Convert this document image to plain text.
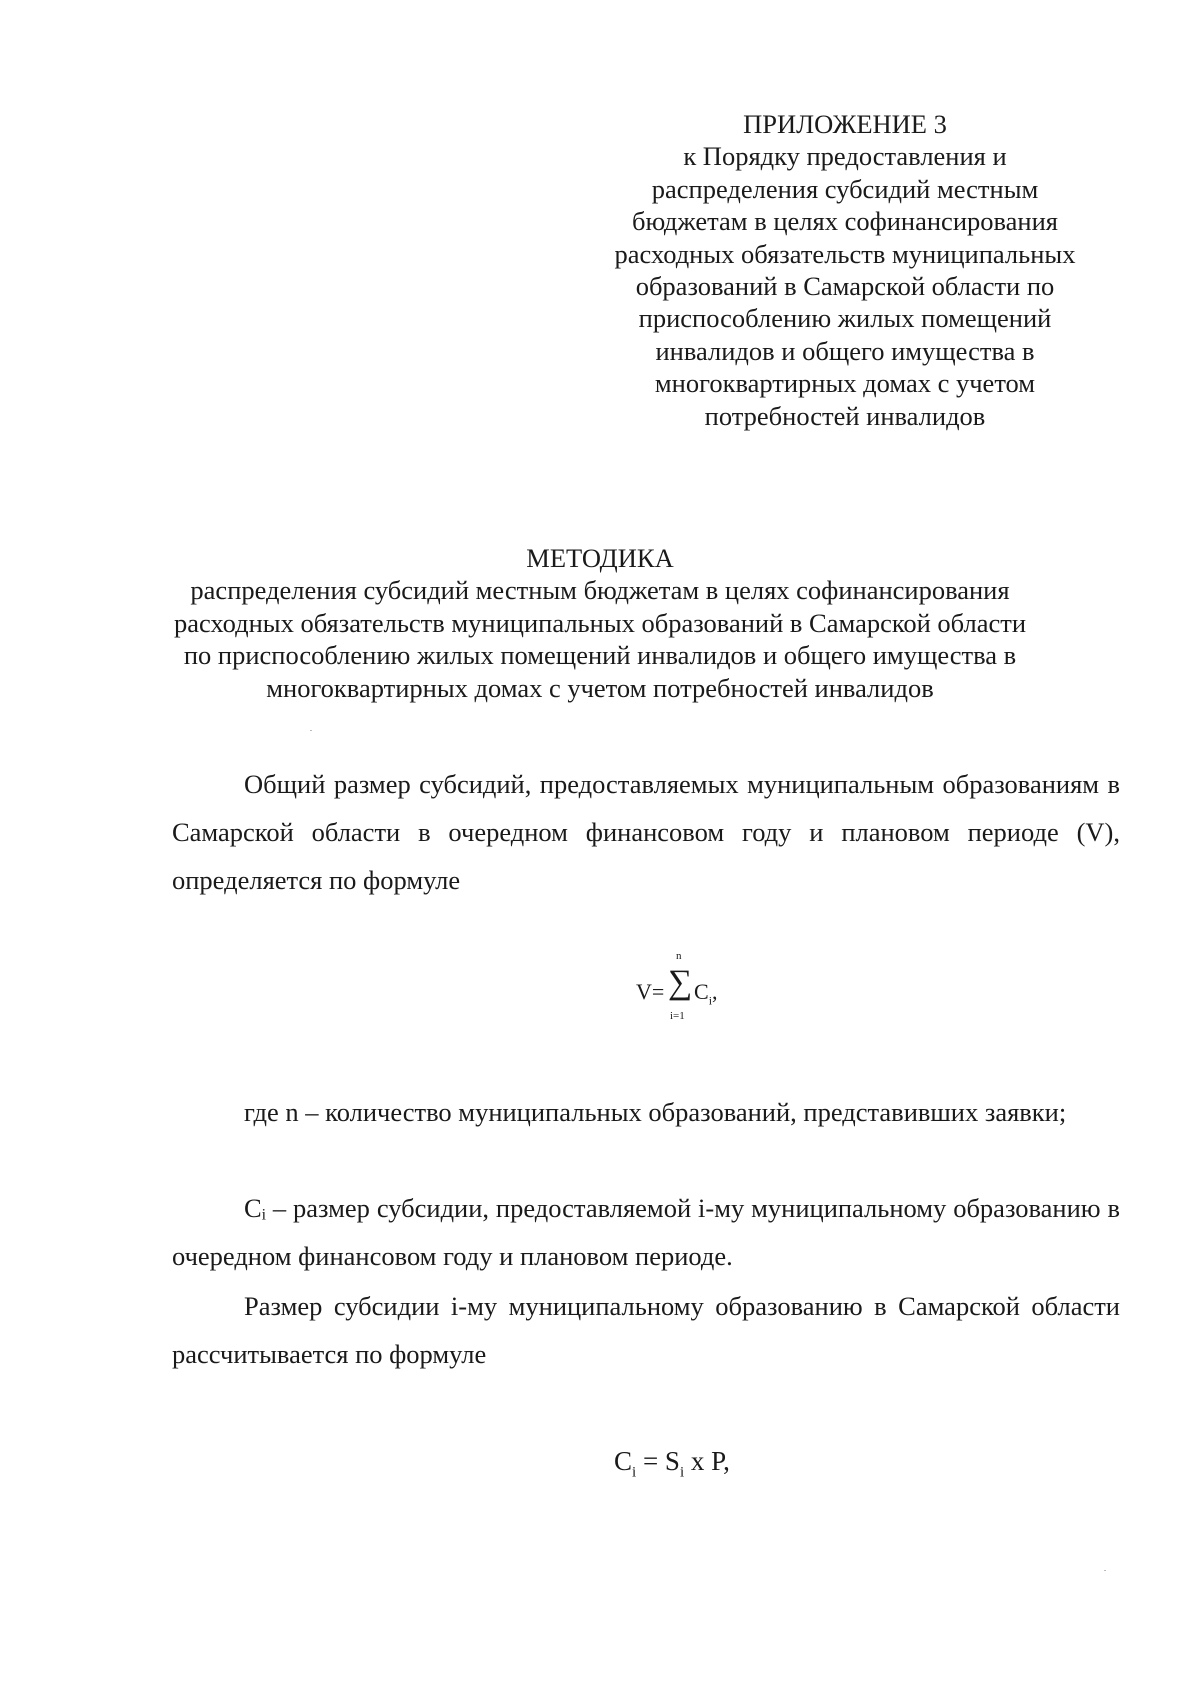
ПРИЛОЖЕНИЕ 3
к Порядку предоставления и
распределения субсидий местным
бюджетам в целях софинансирования
расходных обязательств муниципальных
образований в Самарской области по
приспособлению жилых помещений
инвалидов и общего имущества в
многоквартирных домах с учетом
потребностей инвалидов
МЕТОДИКА
распределения субсидий местным бюджетам в целях софинансирования
расходных обязательств муниципальных образований в Самарской области
по приспособлению жилых помещений инвалидов и общего имущества в
многоквартирных домах с учетом потребностей инвалидов

Общий размер субсидий, предоставляемых муниципальным образованиям в Самарской области в очередном финансовом году и плановом периоде (V), определяется по формуле

V= ∑
n
i=1
$C_i$,

где n – количество муниципальных образований, представивших заявки;

Cᵢ – размер субсидии, предоставляемой i-му муниципальному образованию в очередном финансовом году и плановом периоде.

Размер субсидии i-му муниципальному образованию в Самарской области рассчитывается по формуле

$C_i = S_i$ x P,
